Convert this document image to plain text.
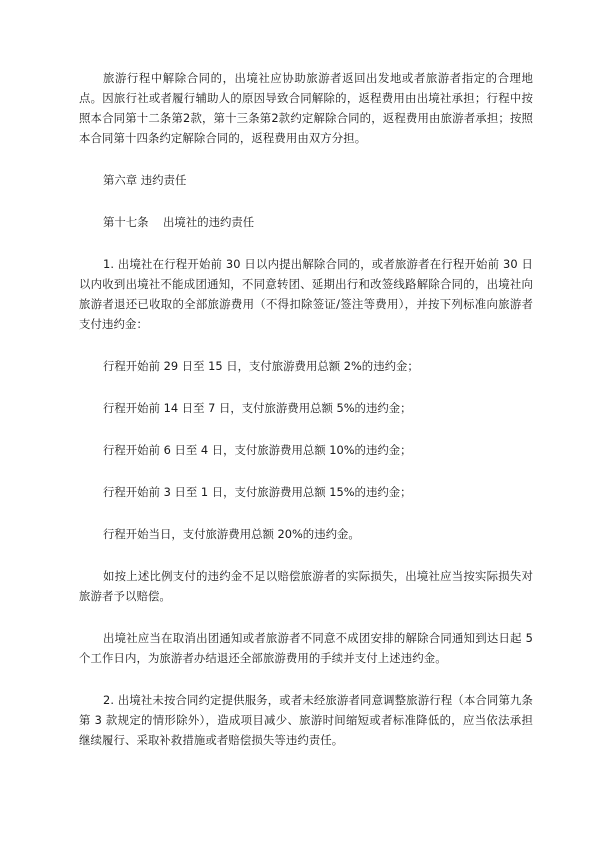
旅游行程中解除合同的，出境社应协助旅游者返回出发地或者旅游者指定的合理地点。因旅行社或者履行辅助人的原因导致合同解除的，返程费用由出境社承担；行程中按照本合同第十二条第2款，第十三条第2款约定解除合同的，返程费用由旅游者承担；按照本合同第十四条约定解除合同的，返程费用由双方分担。

第六章 违约责任

第十七条    出境社的违约责任

1. 出境社在行程开始前 30 日以内提出解除合同的，或者旅游者在行程开始前 30 日以内收到出境社不能成团通知，不同意转团、延期出行和改签线路解除合同的，出境社向旅游者退还已收取的全部旅游费用（不得扣除签证/签注等费用），并按下列标准向旅游者支付违约金：

行程开始前 29 日至 15 日，支付旅游费用总额 2%的违约金；

行程开始前 14 日至 7 日，支付旅游费用总额 5%的违约金；

行程开始前 6 日至 4 日，支付旅游费用总额 10%的违约金；

行程开始前 3 日至 1 日，支付旅游费用总额 15%的违约金；

行程开始当日，支付旅游费用总额 20%的违约金。

如按上述比例支付的违约金不足以赔偿旅游者的实际损失，出境社应当按实际损失对旅游者予以赔偿。

出境社应当在取消出团通知或者旅游者不同意不成团安排的解除合同通知到达日起 5 个工作日内，为旅游者办结退还全部旅游费用的手续并支付上述违约金。

2. 出境社未按合同约定提供服务，或者未经旅游者同意调整旅游行程（本合同第九条第 3 款规定的情形除外），造成项目减少、旅游时间缩短或者标准降低的，应当依法承担继续履行、采取补救措施或者赔偿损失等违约责任。
